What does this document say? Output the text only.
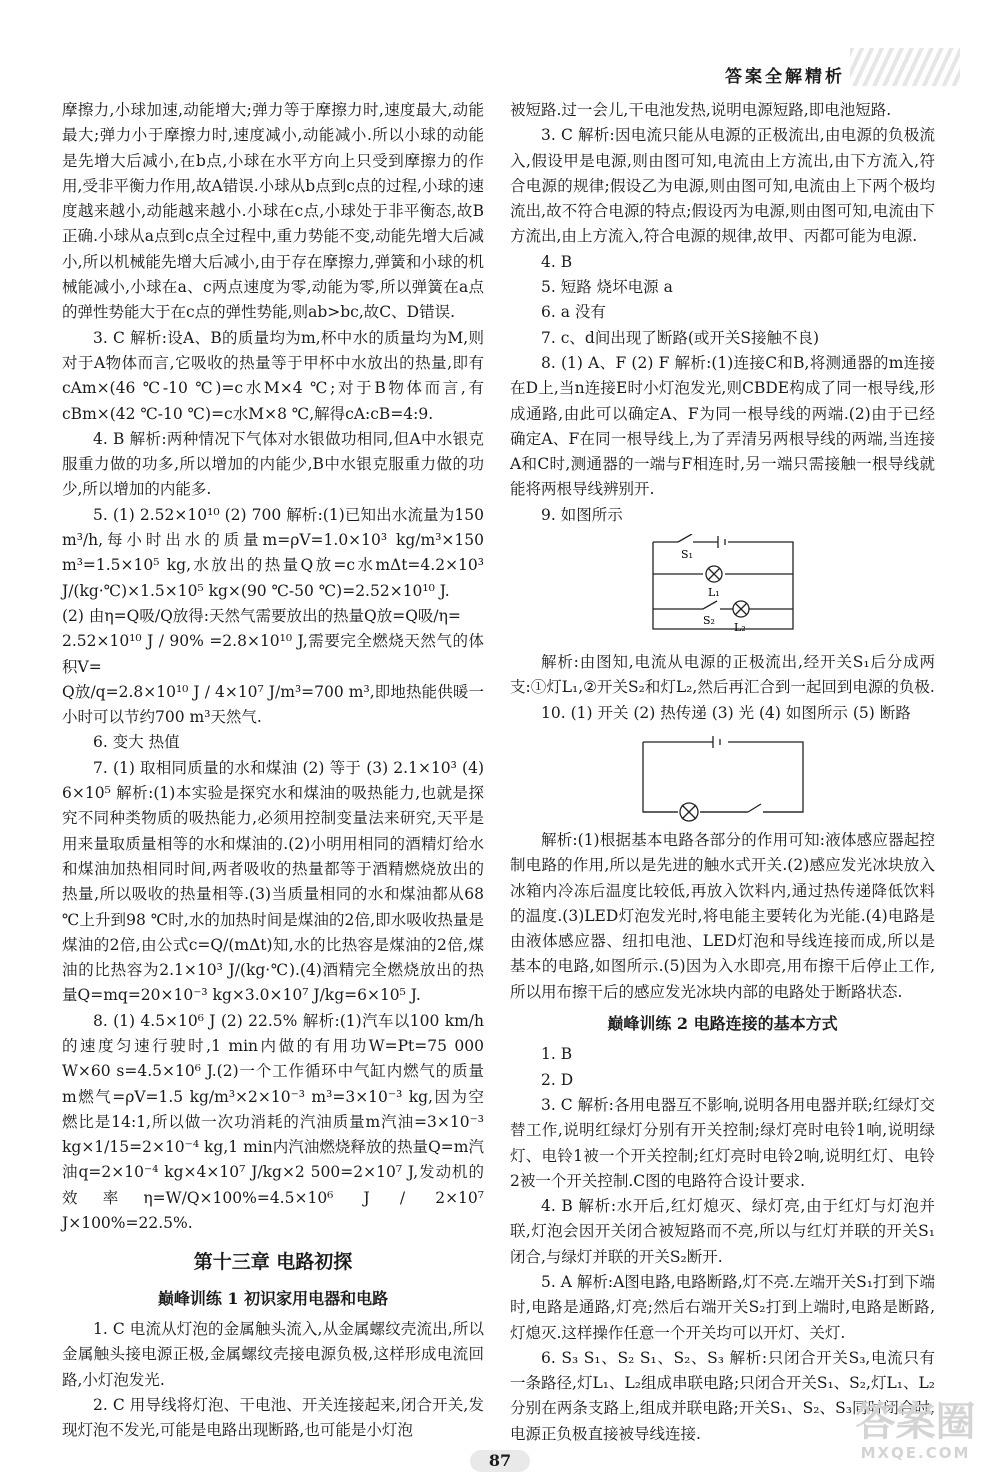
答案全解精析

摩擦力,小球加速,动能增大;弹力等于摩擦力时,速度最大,动能最大;弹力小于摩擦力时,速度减小,动能减小.所以小球的动能是先增大后减小,在b点,小球在水平方向上只受到摩擦力的作用,受非平衡力作用,故A错误.小球从b点到c点的过程,小球的速度越来越小,动能越来越小.小球在c点,小球处于非平衡态,故B正确.小球从a点到c点全过程中,重力势能不变,动能先增大后减小,所以机械能先增大后减小,由于存在摩擦力,弹簧和小球的机械能减小,小球在a、c两点速度为零,动能为零,所以弹簧在a点的弹性势能大于在c点的弹性势能,则ab>bc,故C、D错误.

3. C 解析:设A、B的质量均为m,杯中水的质量均为M,则对于A物体而言,它吸收的热量等于甲杯中水放出的热量,即有cAm×(46 ℃-10 ℃)=c水M×4 ℃;对于B物体而言,有cBm×(42 ℃-10 ℃)=c水M×8 ℃,解得cA:cB=4:9.

4. B 解析:两种情况下气体对水银做功相同,但A中水银克服重力做的功多,所以增加的内能少,B中水银克服重力做的功少,所以增加的内能多.

5. (1) 2.52×10¹⁰ (2) 700 解析:(1)已知出水流量为150 m³/h,每小时出水的质量m=ρV=1.0×10³ kg/m³×150 m³=1.5×10⁵ kg,水放出的热量Q放=c水mΔt=4.2×10³ J/(kg·℃)×1.5×10⁵ kg×(90 ℃-50 ℃)=2.52×10¹⁰ J.

(2) 由η=Q吸/Q放得:天然气需要放出的热量Q放=Q吸/η=

2.52×10¹⁰ J / 90% =2.8×10¹⁰ J,需要完全燃烧天然气的体积V=

Q放/q=2.8×10¹⁰ J / 4×10⁷ J/m³=700 m³,即地热能供暖一小时可以节约700 m³天然气.

6. 变大 热值

7. (1) 取相同质量的水和煤油 (2) 等于 (3) 2.1×10³ (4) 6×10⁵ 解析:(1)本实验是探究水和煤油的吸热能力,也就是探究不同种类物质的吸热能力,必须用控制变量法来研究,天平是用来量取质量相等的水和煤油的.(2)小明用相同的酒精灯给水和煤油加热相同时间,两者吸收的热量都等于酒精燃烧放出的热量,所以吸收的热量相等.(3)当质量相同的水和煤油都从68 ℃上升到98 ℃时,水的加热时间是煤油的2倍,即水吸收热量是煤油的2倍,由公式c=Q/(mΔt)知,水的比热容是煤油的2倍,煤油的比热容为2.1×10³ J/(kg·℃).(4)酒精完全燃烧放出的热量Q=mq=20×10⁻³ kg×3.0×10⁷ J/kg=6×10⁵ J.

8. (1) 4.5×10⁶ J (2) 22.5% 解析:(1)汽车以100 km/h的速度匀速行驶时,1 min内做的有用功W=Pt=75 000 W×60 s=4.5×10⁶ J.(2)一个工作循环中气缸内燃气的质量m燃气=ρV=1.5 kg/m³×2×10⁻³ m³=3×10⁻³ kg,因为空燃比是14:1,所以做一次功消耗的汽油质量m汽油=3×10⁻³ kg×1/15=2×10⁻⁴ kg,1 min内汽油燃烧释放的热量Q=m汽油q=2×10⁻⁴ kg×4×10⁷ J/kg×2 500=2×10⁷ J,发动机的效率η=W/Q×100%=4.5×10⁶ J / 2×10⁷ J×100%=22.5%.

第十三章 电路初探

巅峰训练 1 初识家用电器和电路

1. C 电流从灯泡的金属触头流入,从金属螺纹壳流出,所以金属触头接电源正极,金属螺纹壳接电源负极,这样形成电流回路,小灯泡发光.

2. C 用导线将灯泡、干电池、开关连接起来,闭合开关,发现灯泡不发光,可能是电路出现断路,也可能是小灯泡

被短路.过一会儿,干电池发热,说明电源短路,即电池短路.

3. C 解析:因电流只能从电源的正极流出,由电源的负极流入,假设甲是电源,则由图可知,电流由上方流出,由下方流入,符合电源的规律;假设乙为电源,则由图可知,电流由上下两个极均流出,故不符合电源的特点;假设丙为电源,则由图可知,电流由下方流出,由上方流入,符合电源的规律,故甲、丙都可能为电源.

4. B

5. 短路 烧坏电源 a

6. a 没有

7. c、d间出现了断路(或开关S接触不良)

8. (1) A、F (2) F 解析:(1)连接C和B,将测通器的m连接在D上,当n连接E时小灯泡发光,则CBDE构成了同一根导线,形成通路,由此可以确定A、F为同一根导线的两端.(2)由于已经确定A、F在同一根导线上,为了弄清另两根导线的两端,当连接A和C时,测通器的一端与F相连时,另一端只需接触一根导线就能将两根导线辨别开.

9. 如图所示

S₁
L₁
S₂
L₂

解析:由图知,电流从电源的正极流出,经开关S₁后分成两支:①灯L₁,②开关S₂和灯L₂,然后再汇合到一起回到电源的负极.

10. (1) 开关 (2) 热传递 (3) 光 (4) 如图所示 (5) 断路

解析:(1)根据基本电路各部分的作用可知:液体感应器起控制电路的作用,所以是先进的触水式开关.(2)感应发光冰块放入冰箱内冷冻后温度比较低,再放入饮料内,通过热传递降低饮料的温度.(3)LED灯泡发光时,将电能主要转化为光能.(4)电路是由液体感应器、纽扣电池、LED灯泡和导线连接而成,所以是基本的电路,如图所示.(5)因为入水即亮,用布擦干后停止工作,所以用布擦干后的感应发光冰块内部的电路处于断路状态.

巅峰训练 2 电路连接的基本方式

1. B

2. D

3. C 解析:各用电器互不影响,说明各用电器并联;红绿灯交替工作,说明红绿灯分别有开关控制;绿灯亮时电铃1响,说明绿灯、电铃1被一个开关控制;红灯亮时电铃2响,说明红灯、电铃2被一个开关控制.C图的电路符合设计要求.

4. B 解析:水开后,红灯熄灭、绿灯亮,由于红灯与灯泡并联,灯泡会因开关闭合被短路而不亮,所以与红灯并联的开关S₁闭合,与绿灯并联的开关S₂断开.

5. A 解析:A图电路,电路断路,灯不亮.左端开关S₁打到下端时,电路是通路,灯亮;然后右端开关S₂打到上端时,电路是断路,灯熄灭.这样操作任意一个开关均可以开灯、关灯.

6. S₃ S₁、S₂ S₁、S₂、S₃ 解析:只闭合开关S₃,电流只有一条路径,灯L₁、L₂组成串联电路;只闭合开关S₁、S₂,灯L₁、L₂分别在两条支路上,组成并联电路;开关S₁、S₂、S₃同时闭合时,电源正负极直接被导线连接.

87
答案圈
MXQE.COM
